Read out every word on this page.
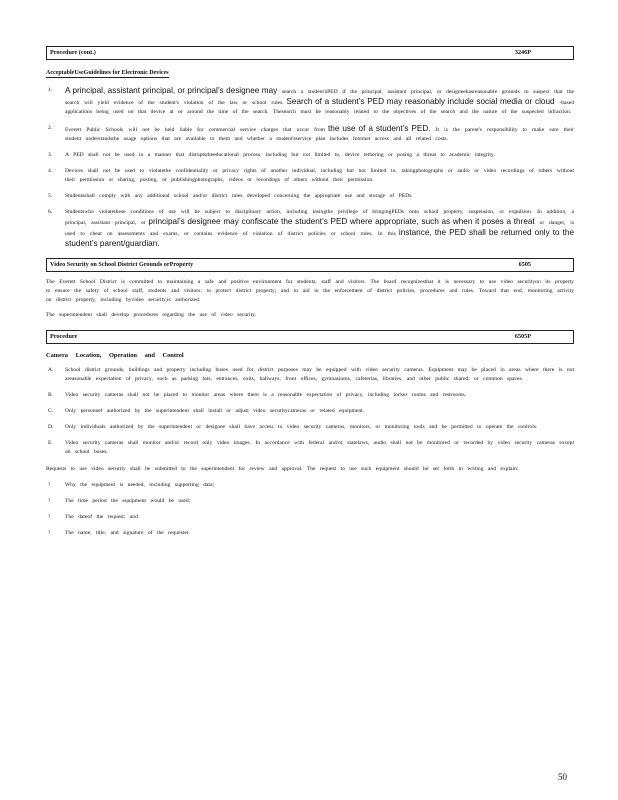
Procedure (cont.)	3246P
AcceptableUseGuidelines for Electronic Devices
1. A principal, assistant principal, or principal’s designee may search a student'sPED if the principal, assistant principal, or designeehasreasonable grounds to suspect that the search will yield evidence of the student's violation of the law or school rules. Search of a student’s PED may reasonably include social media or cloud -based applications being used on that device at or around the time of the search. Thesearch must be reasonably related to the objectives of the search and the nature of the suspected infraction.
2. Everett Public Schools will not be held liable for commercial service charges that occur from the use of a student’s PED. It is the parent's responsibility to make sure their student understandsthe usage options that are available to them and whether a student'sservice plan includes Internet access and all related costs.
3. A PED shall not be used in a manner that disruptstheeducational process, including but not limited to, device tethering or posing a threat to academic integrity.
4. Devices shall not be used to violatethe confidentiality or privacy rights of another individual, including but not limited to, takingphotographs or audio or video recordings of others without their permission or sharing, posting, or publishingphotographs, videos or recordings of others without their permission.
5. Studentsshall comply with any additional school and/or district rules developed concerning the appropriate use and storage of PEDs.
6. Studentswho violatethese conditions of use will be subject to disciplinary action, including losingthe privilege of bringingPEDs onto school property, suspension, or expulsion. In addition, a principal, assistant principal, or principal’s designee may confiscate the student’s PED where appropriate, such as when it poses a threat or danger, is used to cheat on assessments and exams, or contains evidence of violation of district policies or school rules. In this instance, the PED shall be returned only to the student’s parent/guardian.
Video Security on School District Grounds orProperty	6505
The Everett School District is committed to maintaining a safe and positive environment for students, staff and visitors. The board recognizesthat it is necessary to use video securityon its property to ensure the safety of school staff, students and visitors; to protect district property; and to aid in the enforcement of district policies, procedures and rules. Toward that end, monitoring activity on district property, including byvideo security,is authorized.
The superintendent shall develop procedures regarding the use of video security.
Procedure	6505P
Camera Location, Operation and Control
A. School district grounds, buildings and property including buses used for district purposes may be equipped with video security cameras. Equipment may be placed in areas where there is not areasonable expectation of privacy, such as parking lots, entrances, exits, hallways, front offices, gymnasiums, cafeterias, libraries, and other public shared, or common spaces.
B. Video security cameras shall not be placed to monitor areas where there is a reasonable expectation of privacy, including locker rooms and restrooms.
C. Only personnel authorized by the superintendent shall install or adjust video securitycameras or related equipment.
D. Only individuals authorized by the superintendent or designee shall have access to video security cameras, monitors, or monitoring tools and be permitted to operate the controls.
E. Video security cameras shall monitor and/or record only video images. In accordance with federal and/or statelaws, audio shall not be monitored or recorded by video security cameras except on school buses.
Requests to use video security shall be submitted to the superintendent for review and approval. The request to use such equipment should be set forth in writing and explain:
?	Why the equipment is needed, including supporting data;
?	The time period the equipment would be used;
?	The dateof the request; and
?	The name, title, and signature of the requester.
50
